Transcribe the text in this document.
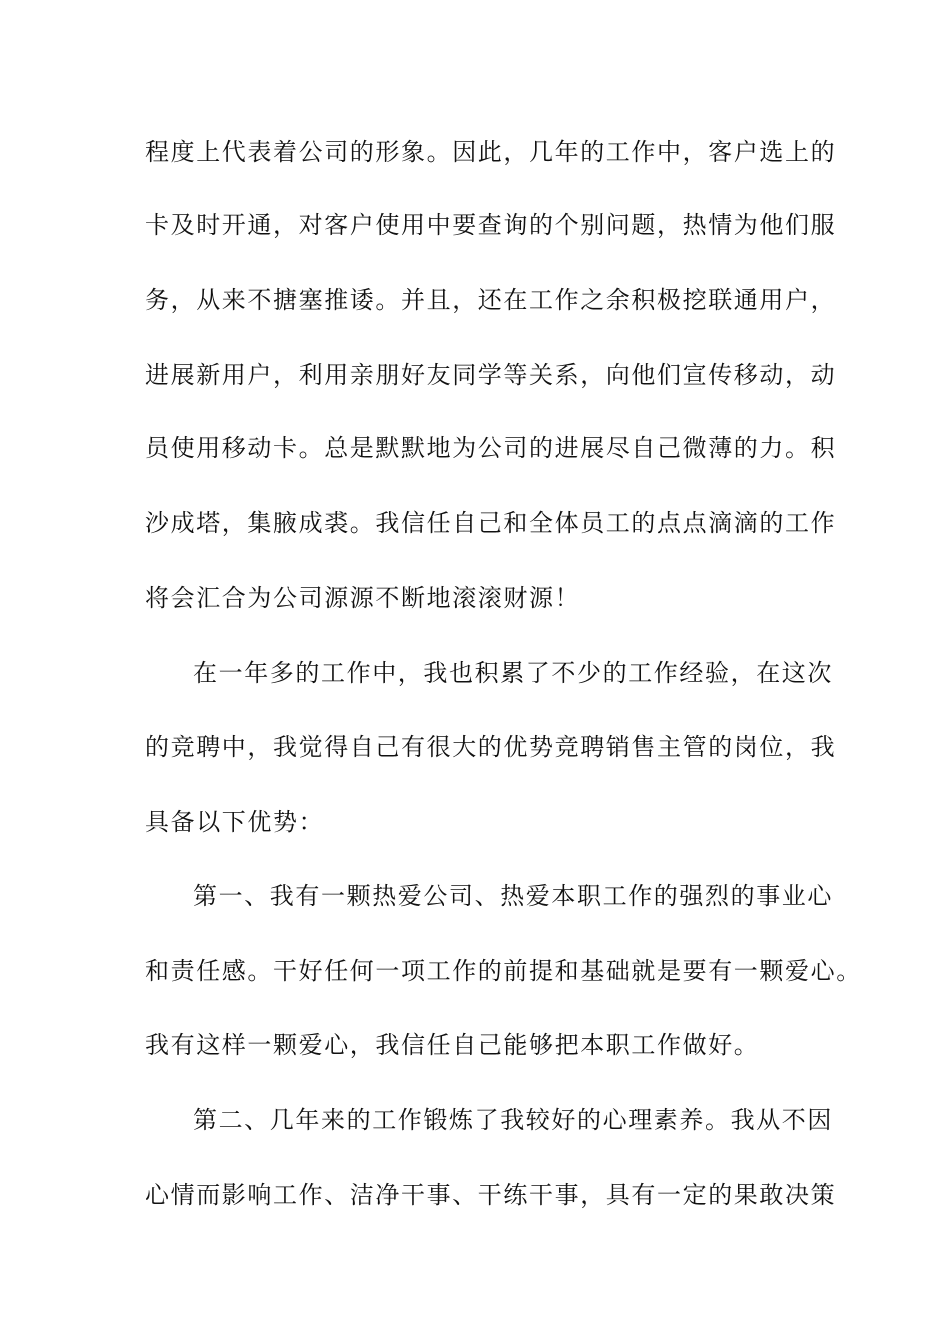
程度上代表着公司的形象。因此，几年的工作中，客户选上的
卡及时开通，对客户使用中要查询的个别问题，热情为他们服
务，从来不搪塞推诿。并且，还在工作之余积极挖联通用户，
进展新用户，利用亲朋好友同学等关系，向他们宣传移动，动
员使用移动卡。总是默默地为公司的进展尽自己微薄的力。积
沙成塔，集腋成裘。我信任自己和全体员工的点点滴滴的工作
将会汇合为公司源源不断地滚滚财源！
在一年多的工作中，我也积累了不少的工作经验，在这次
的竞聘中，我觉得自己有很大的优势竞聘销售主管的岗位，我
具备以下优势：
第一、我有一颗热爱公司、热爱本职工作的强烈的事业心
和责任感。干好任何一项工作的前提和基础就是要有一颗爱心。
我有这样一颗爱心，我信任自己能够把本职工作做好。
第二、几年来的工作锻炼了我较好的心理素养。我从不因
心情而影响工作、洁净干事、干练干事，具有一定的果敢决策
